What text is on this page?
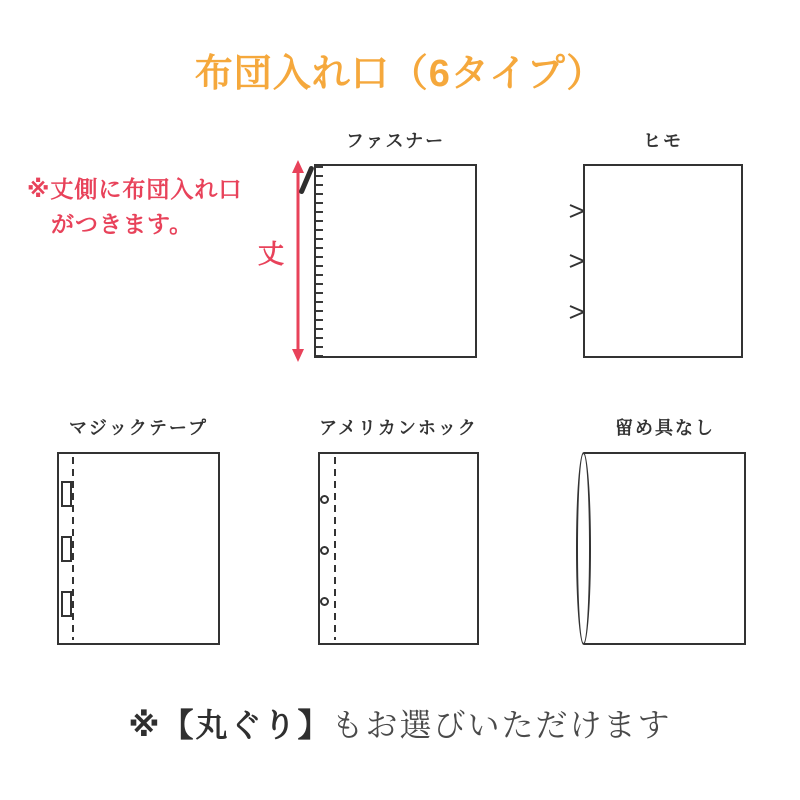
布団入れ口（6タイプ）
※丈側に布団入れ口
がつきます。
丈
ファスナー	ヒモ
マジックテープ	アメリカンホック	留め具なし
※【丸ぐり】もお選びいただけます
